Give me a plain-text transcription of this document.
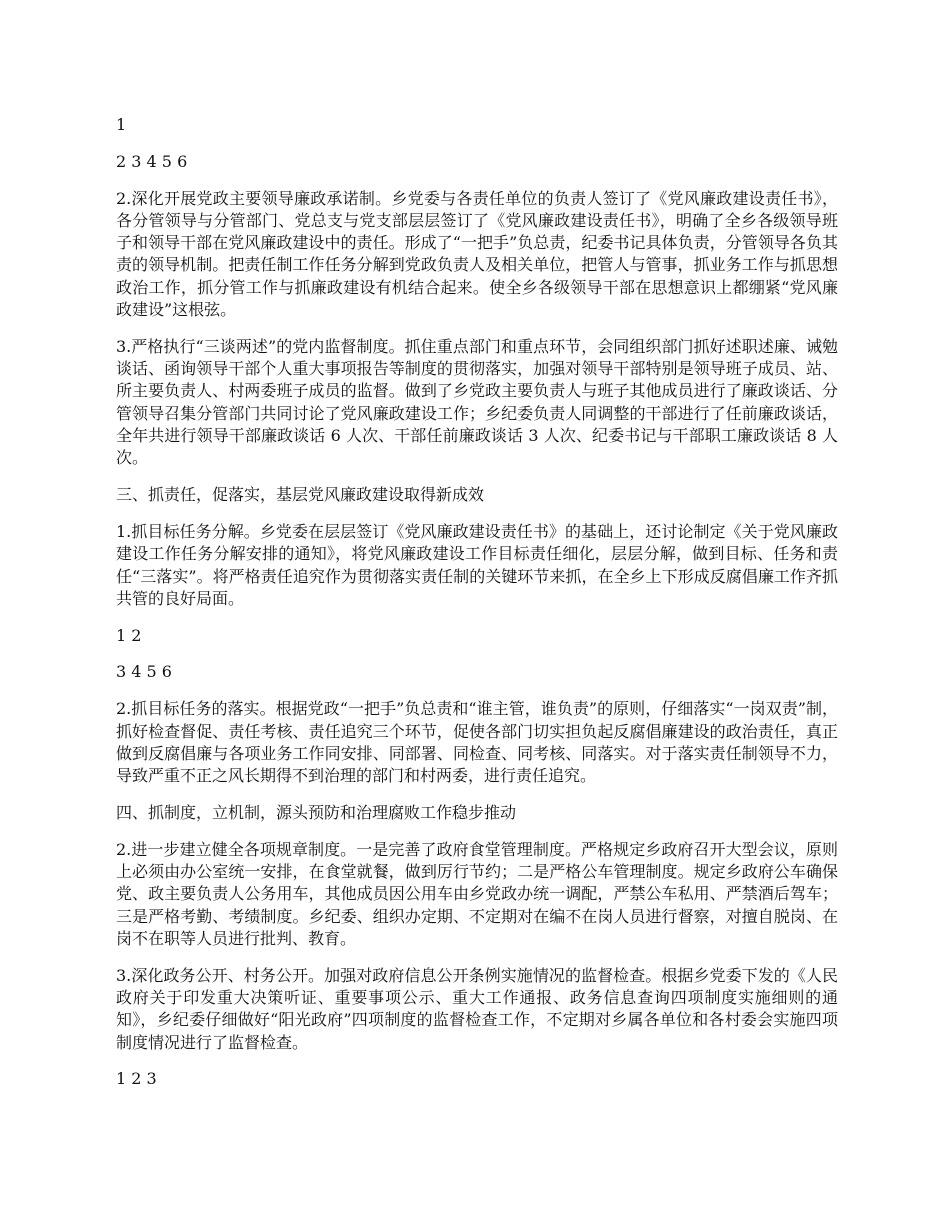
1

2 3 4 5 6

2.深化开展党政主要领导廉政承诺制。乡党委与各责任单位的负责人签订了《党风廉政建设责任书》，各分管领导与分管部门、党总支与党支部层层签订了《党风廉政建设责任书》，明确了全乡各级领导班子和领导干部在党风廉政建设中的责任。形成了“一把手”负总责，纪委书记具体负责，分管领导各负其责的领导机制。把责任制工作任务分解到党政负责人及相关单位，把管人与管事，抓业务工作与抓思想政治工作，抓分管工作与抓廉政建设有机结合起来。使全乡各级领导干部在思想意识上都绷紧“党风廉政建设”这根弦。

3.严格执行“三谈两述”的党内监督制度。抓住重点部门和重点环节，会同组织部门抓好述职述廉、诫勉谈话、函询领导干部个人重大事项报告等制度的贯彻落实，加强对领导干部特别是领导班子成员、站、所主要负责人、村两委班子成员的监督。做到了乡党政主要负责人与班子其他成员进行了廉政谈话、分管领导召集分管部门共同讨论了党风廉政建设工作；乡纪委负责人同调整的干部进行了任前廉政谈话，全年共进行领导干部廉政谈话 6 人次、干部任前廉政谈话 3 人次、纪委书记与干部职工廉政谈话 8 人次。

三、抓责任，促落实，基层党风廉政建设取得新成效

1.抓目标任务分解。乡党委在层层签订《党风廉政建设责任书》的基础上，还讨论制定《关于党风廉政建设工作任务分解安排的通知》，将党风廉政建设工作目标责任细化，层层分解，做到目标、任务和责任“三落实”。将严格责任追究作为贯彻落实责任制的关键环节来抓，在全乡上下形成反腐倡廉工作齐抓共管的良好局面。

1 2

3 4 5 6

2.抓目标任务的落实。根据党政“一把手”负总责和“谁主管，谁负责”的原则，仔细落实“一岗双责”制，抓好检查督促、责任考核、责任追究三个环节，促使各部门切实担负起反腐倡廉建设的政治责任，真正做到反腐倡廉与各项业务工作同安排、同部署、同检查、同考核、同落实。对于落实责任制领导不力，导致严重不正之风长期得不到治理的部门和村两委，进行责任追究。

四、抓制度，立机制，源头预防和治理腐败工作稳步推动

2.进一步建立健全各项规章制度。一是完善了政府食堂管理制度。严格规定乡政府召开大型会议，原则上必须由办公室统一安排，在食堂就餐，做到厉行节约；二是严格公车管理制度。规定乡政府公车确保党、政主要负责人公务用车，其他成员因公用车由乡党政办统一调配，严禁公车私用、严禁酒后驾车；三是严格考勤、考绩制度。乡纪委、组织办定期、不定期对在编不在岗人员进行督察，对擅自脱岗、在岗不在职等人员进行批判、教育。

3.深化政务公开、村务公开。加强对政府信息公开条例实施情况的监督检查。根据乡党委下发的《人民政府关于印发重大决策听证、重要事项公示、重大工作通报、政务信息查询四项制度实施细则的通知》，乡纪委仔细做好“阳光政府”四项制度的监督检查工作，不定期对乡属各单位和各村委会实施四项制度情况进行了监督检查。

1 2 3
